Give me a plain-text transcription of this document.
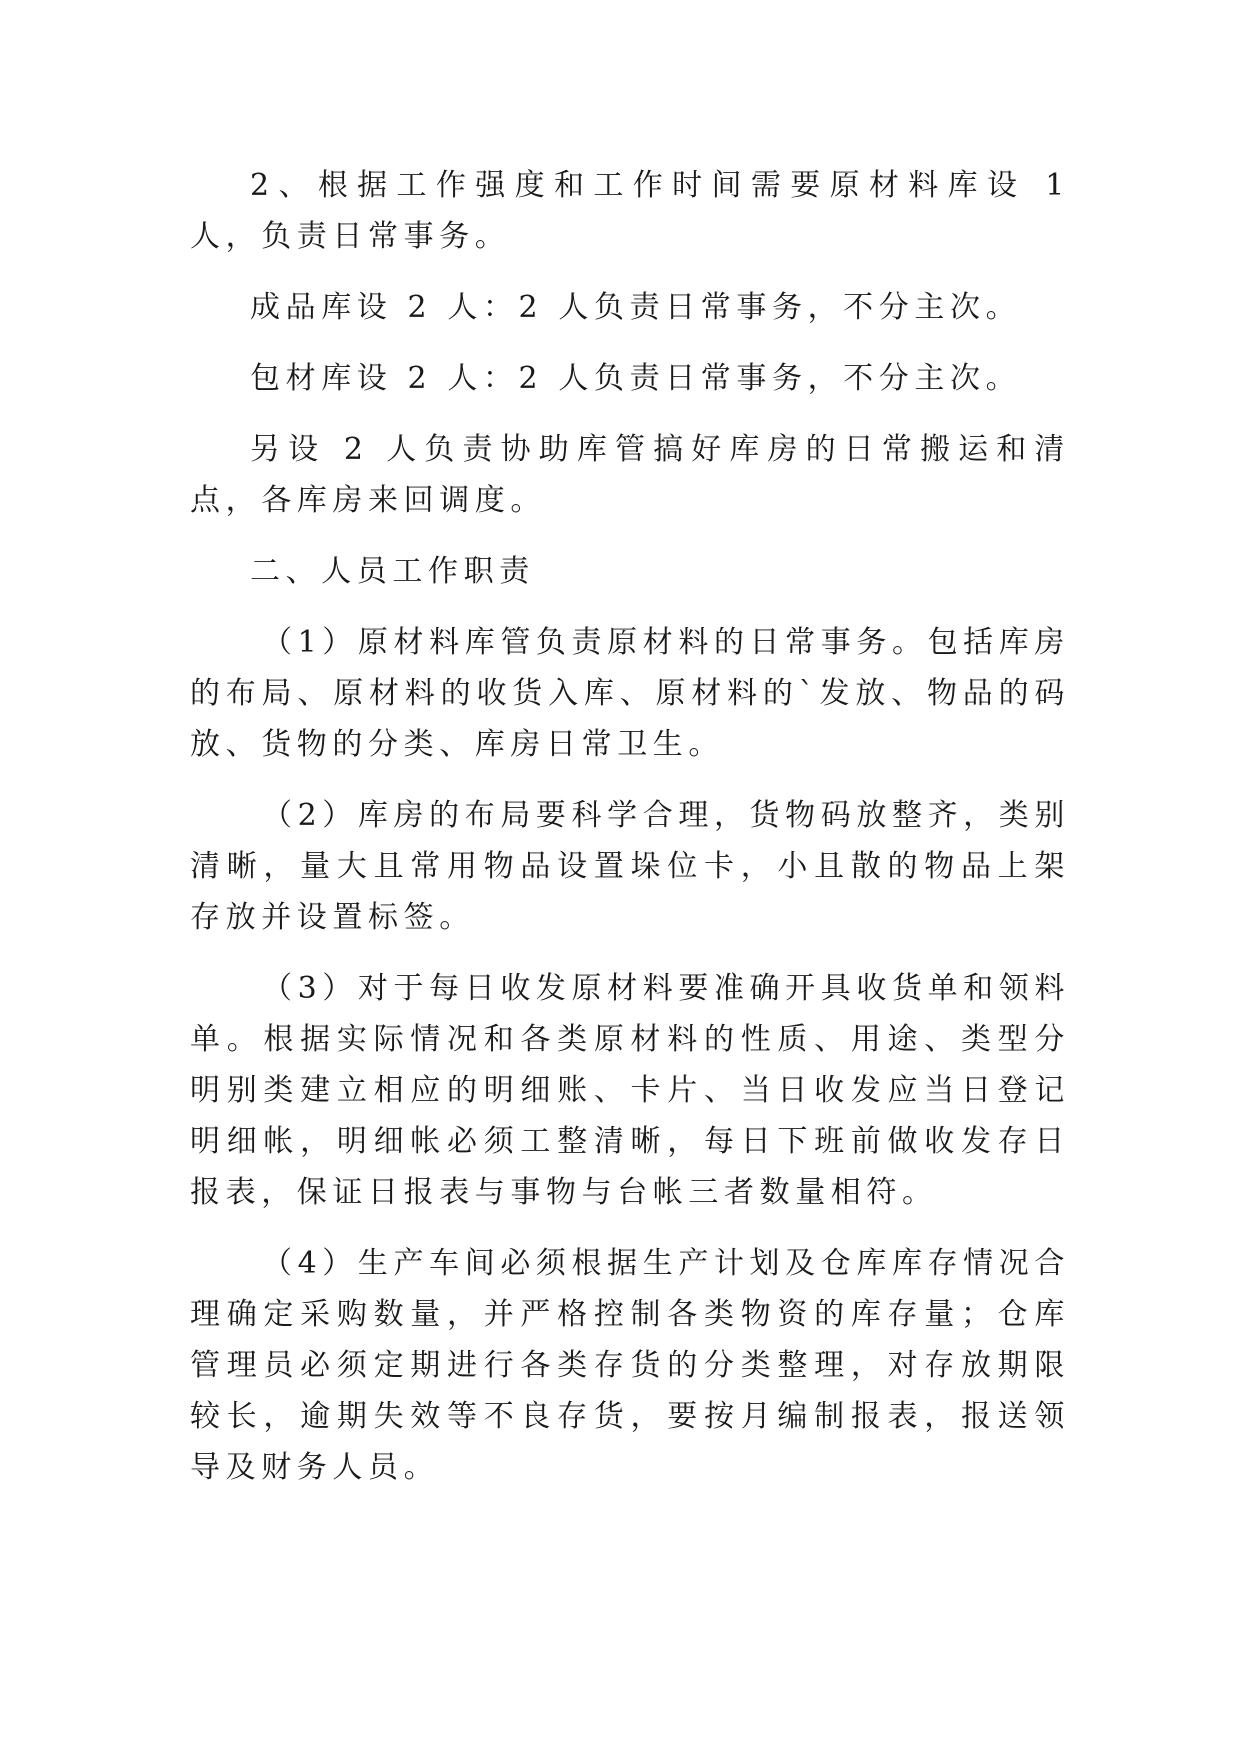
2、根据工作强度和工作时间需要原材料库设 1 人，负责日常事务。

成品库设 2 人：2 人负责日常事务，不分主次。

包材库设 2 人：2 人负责日常事务，不分主次。

另设 2 人负责协助库管搞好库房的日常搬运和清点，各库房来回调度。

二、人员工作职责

（1）原材料库管负责原材料的日常事务。包括库房的布局、原材料的收货入库、原材料的`发放、物品的码放、货物的分类、库房日常卫生。

（2）库房的布局要科学合理，货物码放整齐，类别清晰，量大且常用物品设置垛位卡，小且散的物品上架存放并设置标签。

（3）对于每日收发原材料要准确开具收货单和领料单。根据实际情况和各类原材料的性质、用途、类型分明别类建立相应的明细账、卡片、当日收发应当日登记明细帐，明细帐必须工整清晰，每日下班前做收发存日报表，保证日报表与事物与台帐三者数量相符。

（4）生产车间必须根据生产计划及仓库库存情况合理确定采购数量，并严格控制各类物资的库存量；仓库管理员必须定期进行各类存货的分类整理，对存放期限较长，逾期失效等不良存货，要按月编制报表，报送领导及财务人员。
